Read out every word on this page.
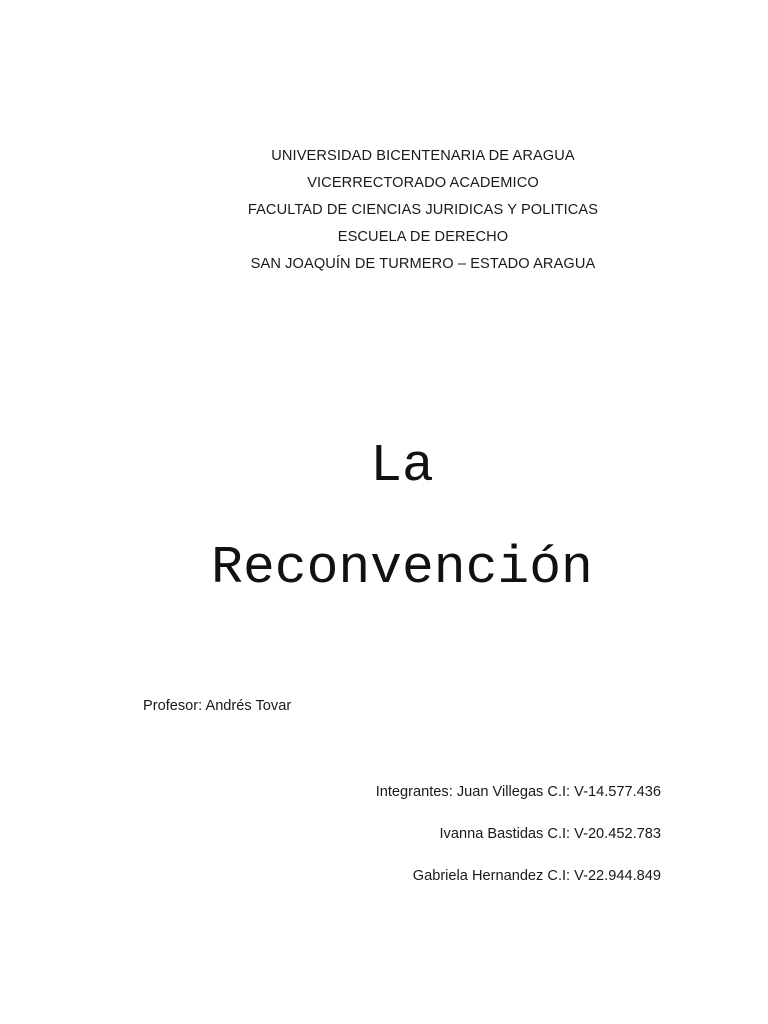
UNIVERSIDAD BICENTENARIA DE ARAGUA
VICERRECTORADO ACADEMICO
FACULTAD DE CIENCIAS JURIDICAS Y POLITICAS
ESCUELA DE DERECHO
SAN JOAQUÍN DE TURMERO – ESTADO ARAGUA
La
Reconvención
Profesor: Andrés Tovar
Integrantes: Juan Villegas C.I: V-14.577.436
Ivanna Bastidas C.I: V-20.452.783
Gabriela Hernandez C.I: V-22.944.849
